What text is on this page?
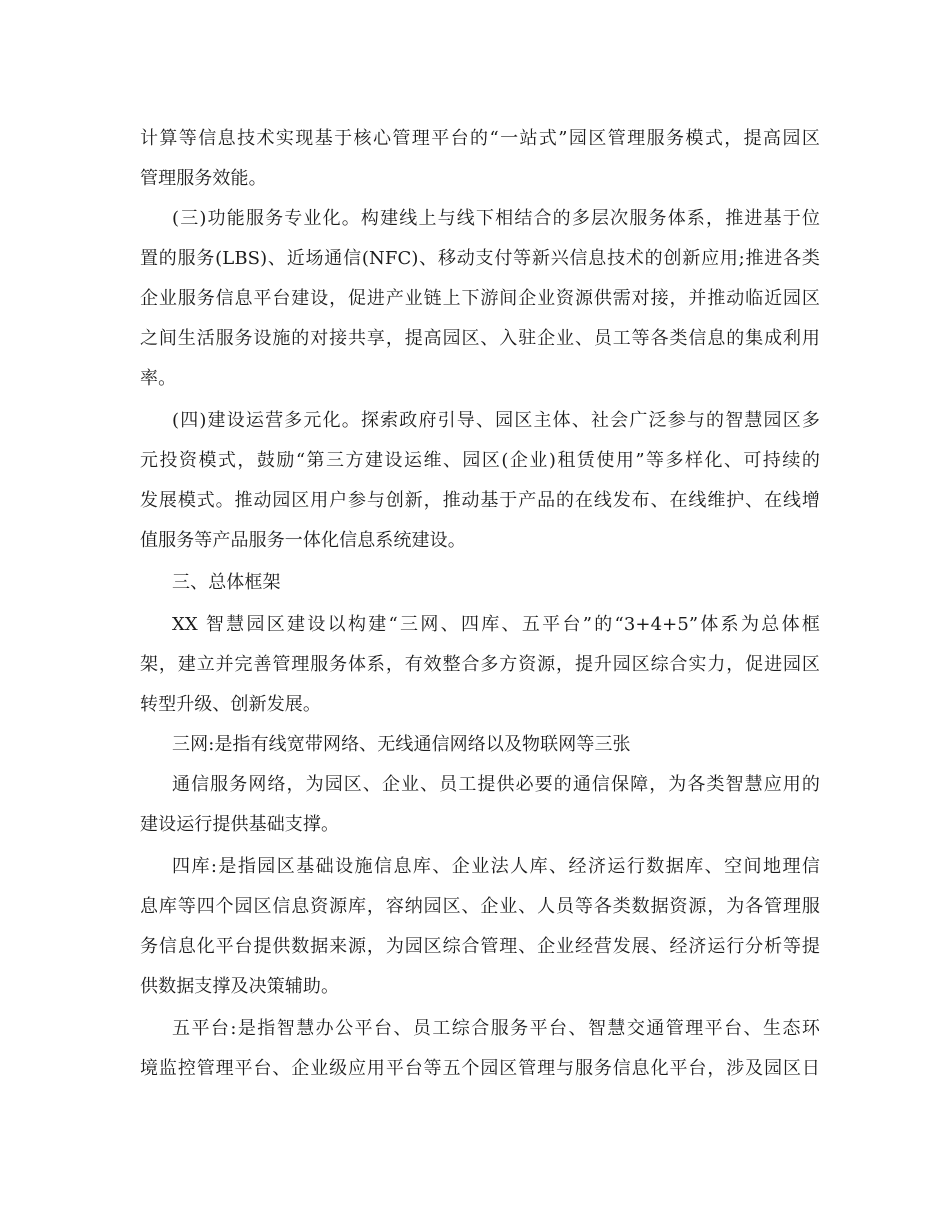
计算等信息技术实现基于核心管理平台的“一站式”园区管理服务模式，提高园区
管理服务效能。
(三)功能服务专业化。构建线上与线下相结合的多层次服务体系，推进基于位
置的服务(LBS)、近场通信(NFC)、移动支付等新兴信息技术的创新应用;推进各类
企业服务信息平台建设，促进产业链上下游间企业资源供需对接，并推动临近园区
之间生活服务设施的对接共享，提高园区、入驻企业、员工等各类信息的集成利用
率。
(四)建设运营多元化。探索政府引导、园区主体、社会广泛参与的智慧园区多
元投资模式，鼓励“第三方建设运维、园区(企业)租赁使用”等多样化、可持续的
发展模式。推动园区用户参与创新，推动基于产品的在线发布、在线维护、在线增
值服务等产品服务一体化信息系统建设。
三、总体框架
XX 智慧园区建设以构建“三网、四库、五平台”的“3+4+5”体系为总体框
架，建立并完善管理服务体系，有效整合多方资源，提升园区综合实力，促进园区
转型升级、创新发展。
三网:是指有线宽带网络、无线通信网络以及物联网等三张
通信服务网络，为园区、企业、员工提供必要的通信保障，为各类智慧应用的
建设运行提供基础支撑。
四库:是指园区基础设施信息库、企业法人库、经济运行数据库、空间地理信
息库等四个园区信息资源库，容纳园区、企业、人员等各类数据资源，为各管理服
务信息化平台提供数据来源，为园区综合管理、企业经营发展、经济运行分析等提
供数据支撑及决策辅助。
五平台:是指智慧办公平台、员工综合服务平台、智慧交通管理平台、生态环
境监控管理平台、企业级应用平台等五个园区管理与服务信息化平台，涉及园区日
